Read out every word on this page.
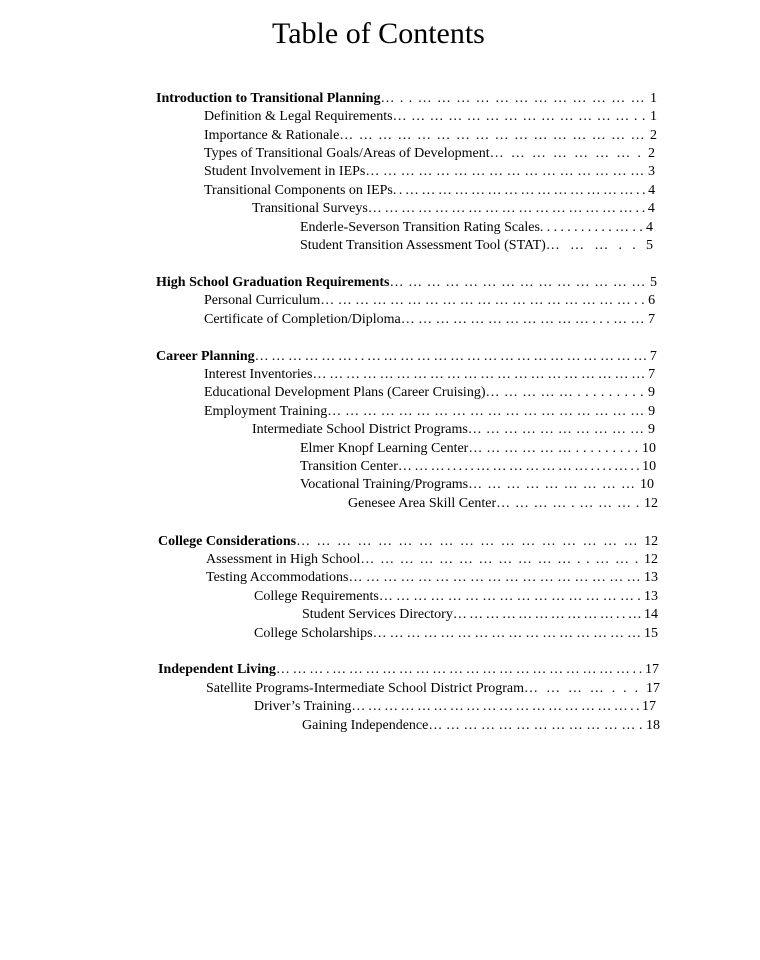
Table of Contents
Introduction to Transitional Planning…..………………………………1
Definition & Legal Requirements…………………………………..1
Importance & Rationale…………………………………………2
Types of Transitional Goals/Areas of Development………………….2
Student Involvement in IEPs…………………………………………3
Transitional Components on IEPs..……………………………………..4
Transitional Surveys…………………………………………..4
Enderle-Severson Transition Rating Scales...........…..4
Student Transition Assessment Tool (STAT)………..5
High School Graduation Requirements……………………………………5
Personal Curriculum………………………………………………..6
Certificate of Completion/Diploma……………………………...……7
Career Planning………………..……………………………………………7
Interest Inventories……………………………………………………7
Educational Development Plans (Career Cruising)…………….........9
Employment Training………………………………………………9
Intermediate School District Programs…………………………9
Elmer Knopf Learning Center……………….........10
Transition Center……….....…………………....…..10
Vocational Training/Programs………………………10
Genesee Area Skill Center………….……….12
College Considerations……………………………………………12
Assessment in High School……………………………..…….12
Testing Accommodations……………………………………………13
College Requirements……………………………………….13
Student Services Directory…………………………..…14
College Scholarships…………………………………………15
Independent Living……….………………………………………………..17
Satellite Programs-Intermediate School District Program…………...17
Driver’s Training……………………………………………..17
Gaining Independence……………………………….18
